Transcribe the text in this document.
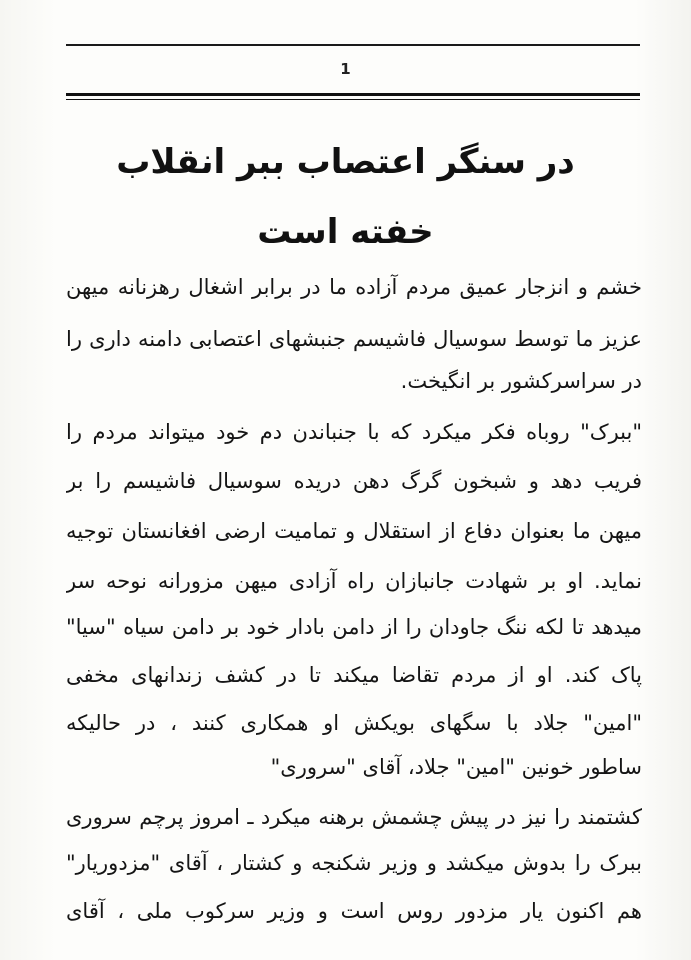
1
در سنگر اعتصاب ببر انقلاب
خفته است
خشم و انزجار عمیق مردم آزاده ما در برابر اشغال رهزنانه میهن
عزیز ما توسط سوسیال فاشیسم جنبشهای اعتصابی دامنه داری را
در سراسرکشور بر انگیخت.
"ببرک" روباه فکر میکرد که با جنباندن دم خود میتواند مردم را
فریب دهد و شبخون گرگ دهن دریده سوسیال فاشیسم را بر
میهن ما بعنوان دفاع از استقلال و تمامیت ارضی افغانستان توجیه
نماید. او بر شهادت جانبازان راه آزادی میهن مزورانه نوحه سر
میدهد تا لکه ننگ جاودان را از دامن بادار خود بر دامن سیاه "سیا"
پاک کند. او از مردم تقاضا میکند تا در کشف زندانهای مخفی
"امین" جلاد با سگهای بویکش او همکاری کنند ، در حالیکه
ساطور خونین "امین" جلاد، آقای "سروری"
کشتمند را نیز در پیش چشمش برهنه میکرد ـ امروز پرچم سروری
ببرک را بدوش میکشد و وزیر شکنجه و کشتار ، آقای "مزدوریار"
هم اکنون یار مزدور روس است و وزیر سرکوب ملی ، آقای
